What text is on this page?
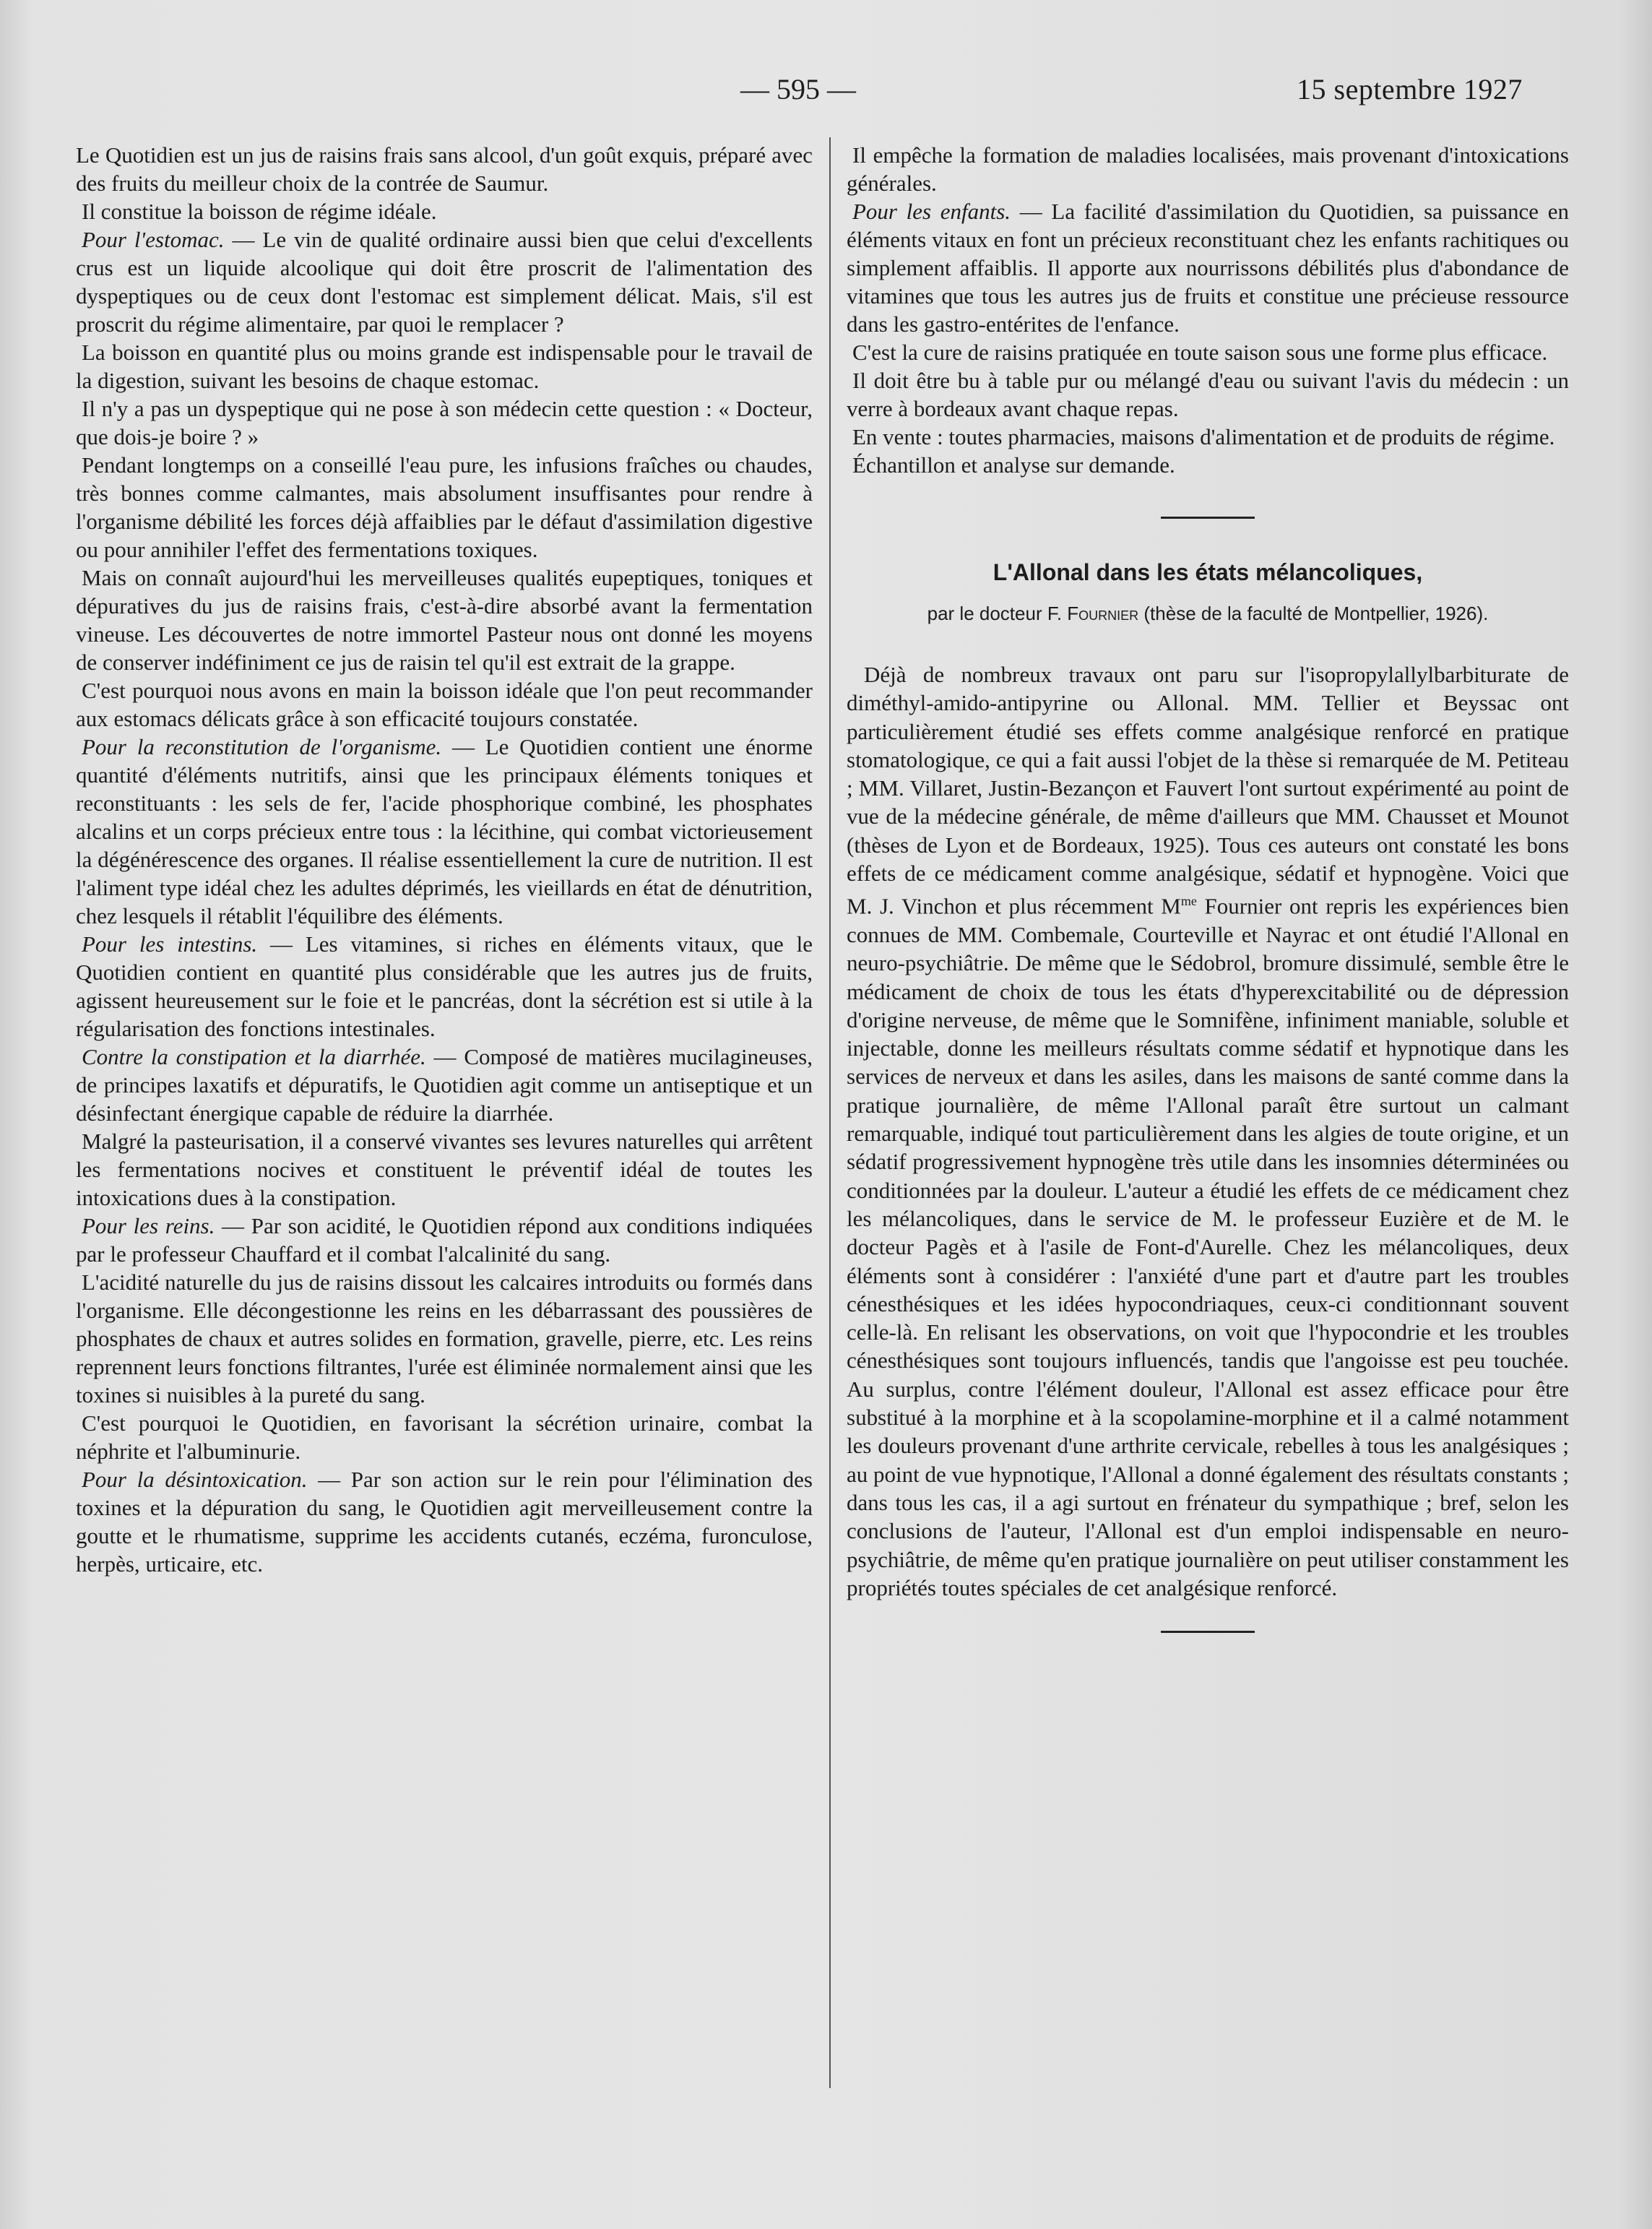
— 595 —	15 septembre 1927

Le Quotidien est un jus de raisins frais sans alcool, d'un goût exquis, préparé avec des fruits du meilleur choix de la contrée de Saumur.

Il constitue la boisson de régime idéale.

Pour l'estomac. — Le vin de qualité ordinaire aussi bien que celui d'excellents crus est un liquide alcoolique qui doit être proscrit de l'alimentation des dyspeptiques ou de ceux dont l'estomac est simplement délicat. Mais, s'il est proscrit du régime alimentaire, par quoi le remplacer ?

La boisson en quantité plus ou moins grande est indispensable pour le travail de la digestion, suivant les besoins de chaque estomac.

Il n'y a pas un dyspeptique qui ne pose à son médecin cette question : « Docteur, que dois-je boire ? »

Pendant longtemps on a conseillé l'eau pure, les infusions fraîches ou chaudes, très bonnes comme calmantes, mais absolument insuffisantes pour rendre à l'organisme débilité les forces déjà affaiblies par le défaut d'assimilation digestive ou pour annihiler l'effet des fermentations toxiques.

Mais on connaît aujourd'hui les merveilleuses qualités eupeptiques, toniques et dépuratives du jus de raisins frais, c'est-à-dire absorbé avant la fermentation vineuse. Les découvertes de notre immortel Pasteur nous ont donné les moyens de conserver indéfiniment ce jus de raisin tel qu'il est extrait de la grappe.

C'est pourquoi nous avons en main la boisson idéale que l'on peut recommander aux estomacs délicats grâce à son efficacité toujours constatée.

Pour la reconstitution de l'organisme. — Le Quotidien contient une énorme quantité d'éléments nutritifs, ainsi que les principaux éléments toniques et reconstituants : les sels de fer, l'acide phosphorique combiné, les phosphates alcalins et un corps précieux entre tous : la lécithine, qui combat victorieusement la dégénérescence des organes. Il réalise essentiellement la cure de nutrition. Il est l'aliment type idéal chez les adultes déprimés, les vieillards en état de dénutrition, chez lesquels il rétablit l'équilibre des éléments.

Pour les intestins. — Les vitamines, si riches en éléments vitaux, que le Quotidien contient en quantité plus considérable que les autres jus de fruits, agissent heureusement sur le foie et le pancréas, dont la sécrétion est si utile à la régularisation des fonctions intestinales.

Contre la constipation et la diarrhée. — Composé de matières mucilagineuses, de principes laxatifs et dépuratifs, le Quotidien agit comme un antiseptique et un désinfectant énergique capable de réduire la diarrhée.

Malgré la pasteurisation, il a conservé vivantes ses levures naturelles qui arrêtent les fermentations nocives et constituent le préventif idéal de toutes les intoxications dues à la constipation.

Pour les reins. — Par son acidité, le Quotidien répond aux conditions indiquées par le professeur Chauffard et il combat l'alcalinité du sang.

L'acidité naturelle du jus de raisins dissout les calcaires introduits ou formés dans l'organisme. Elle décongestionne les reins en les débarrassant des poussières de phosphates de chaux et autres solides en formation, gravelle, pierre, etc. Les reins reprennent leurs fonctions filtrantes, l'urée est éliminée normalement ainsi que les toxines si nuisibles à la pureté du sang.

C'est pourquoi le Quotidien, en favorisant la sécrétion urinaire, combat la néphrite et l'albuminurie.

Pour la désintoxication. — Par son action sur le rein pour l'élimination des toxines et la dépuration du sang, le Quotidien agit merveilleusement contre la goutte et le rhumatisme, supprime les accidents cutanés, eczéma, furonculose, herpès, urticaire, etc.

Il empêche la formation de maladies localisées, mais provenant d'intoxications générales.

Pour les enfants. — La facilité d'assimilation du Quotidien, sa puissance en éléments vitaux en font un précieux reconstituant chez les enfants rachitiques ou simplement affaiblis. Il apporte aux nourrissons débilités plus d'abondance de vitamines que tous les autres jus de fruits et constitue une précieuse ressource dans les gastro-entérites de l'enfance.

C'est la cure de raisins pratiquée en toute saison sous une forme plus efficace.

Il doit être bu à table pur ou mélangé d'eau ou suivant l'avis du médecin : un verre à bordeaux avant chaque repas.

En vente : toutes pharmacies, maisons d'alimentation et de produits de régime.

Échantillon et analyse sur demande.

L'Allonal dans les états mélancoliques,
par le docteur F. Fournier (thèse de la faculté de Montpellier, 1926).

Déjà de nombreux travaux ont paru sur l'isopropylallylbarbiturate de diméthyl-amido-antipyrine ou Allonal. MM. Tellier et Beyssac ont particulièrement étudié ses effets comme analgésique renforcé en pratique stomatologique, ce qui a fait aussi l'objet de la thèse si remarquée de M. Petiteau ; MM. Villaret, Justin-Bezançon et Fauvert l'ont surtout expérimenté au point de vue de la médecine générale, de même d'ailleurs que MM. Chausset et Mounot (thèses de Lyon et de Bordeaux, 1925). Tous ces auteurs ont constaté les bons effets de ce médicament comme analgésique, sédatif et hypnogène. Voici que M. J. Vinchon et plus récemment $M^{me}$ Fournier ont repris les expériences bien connues de MM. Combemale, Courteville et Nayrac et ont étudié l'Allonal en neuro-psychiâtrie. De même que le Sédobrol, bromure dissimulé, semble être le médicament de choix de tous les états d'hyperexcitabilité ou de dépression d'origine nerveuse, de même que le Somnifène, infiniment maniable, soluble et injectable, donne les meilleurs résultats comme sédatif et hypnotique dans les services de nerveux et dans les asiles, dans les maisons de santé comme dans la pratique journalière, de même l'Allonal paraît être surtout un calmant remarquable, indiqué tout particulièrement dans les algies de toute origine, et un sédatif progressivement hypnogène très utile dans les insomnies déterminées ou conditionnées par la douleur. L'auteur a étudié les effets de ce médicament chez les mélancoliques, dans le service de M. le professeur Euzière et de M. le docteur Pagès et à l'asile de Font-d'Aurelle. Chez les mélancoliques, deux éléments sont à considérer : l'anxiété d'une part et d'autre part les troubles cénesthésiques et les idées hypocondriaques, ceux-ci conditionnant souvent celle-là. En relisant les observations, on voit que l'hypocondrie et les troubles cénesthésiques sont toujours influencés, tandis que l'angoisse est peu touchée. Au surplus, contre l'élément douleur, l'Allonal est assez efficace pour être substitué à la morphine et à la scopolamine-morphine et il a calmé notamment les douleurs provenant d'une arthrite cervicale, rebelles à tous les analgésiques ; au point de vue hypnotique, l'Allonal a donné également des résultats constants ; dans tous les cas, il a agi surtout en frénateur du sympathique ; bref, selon les conclusions de l'auteur, l'Allonal est d'un emploi indispensable en neuro-psychiâtrie, de même qu'en pratique journalière on peut utiliser constamment les propriétés toutes spéciales de cet analgésique renforcé.
